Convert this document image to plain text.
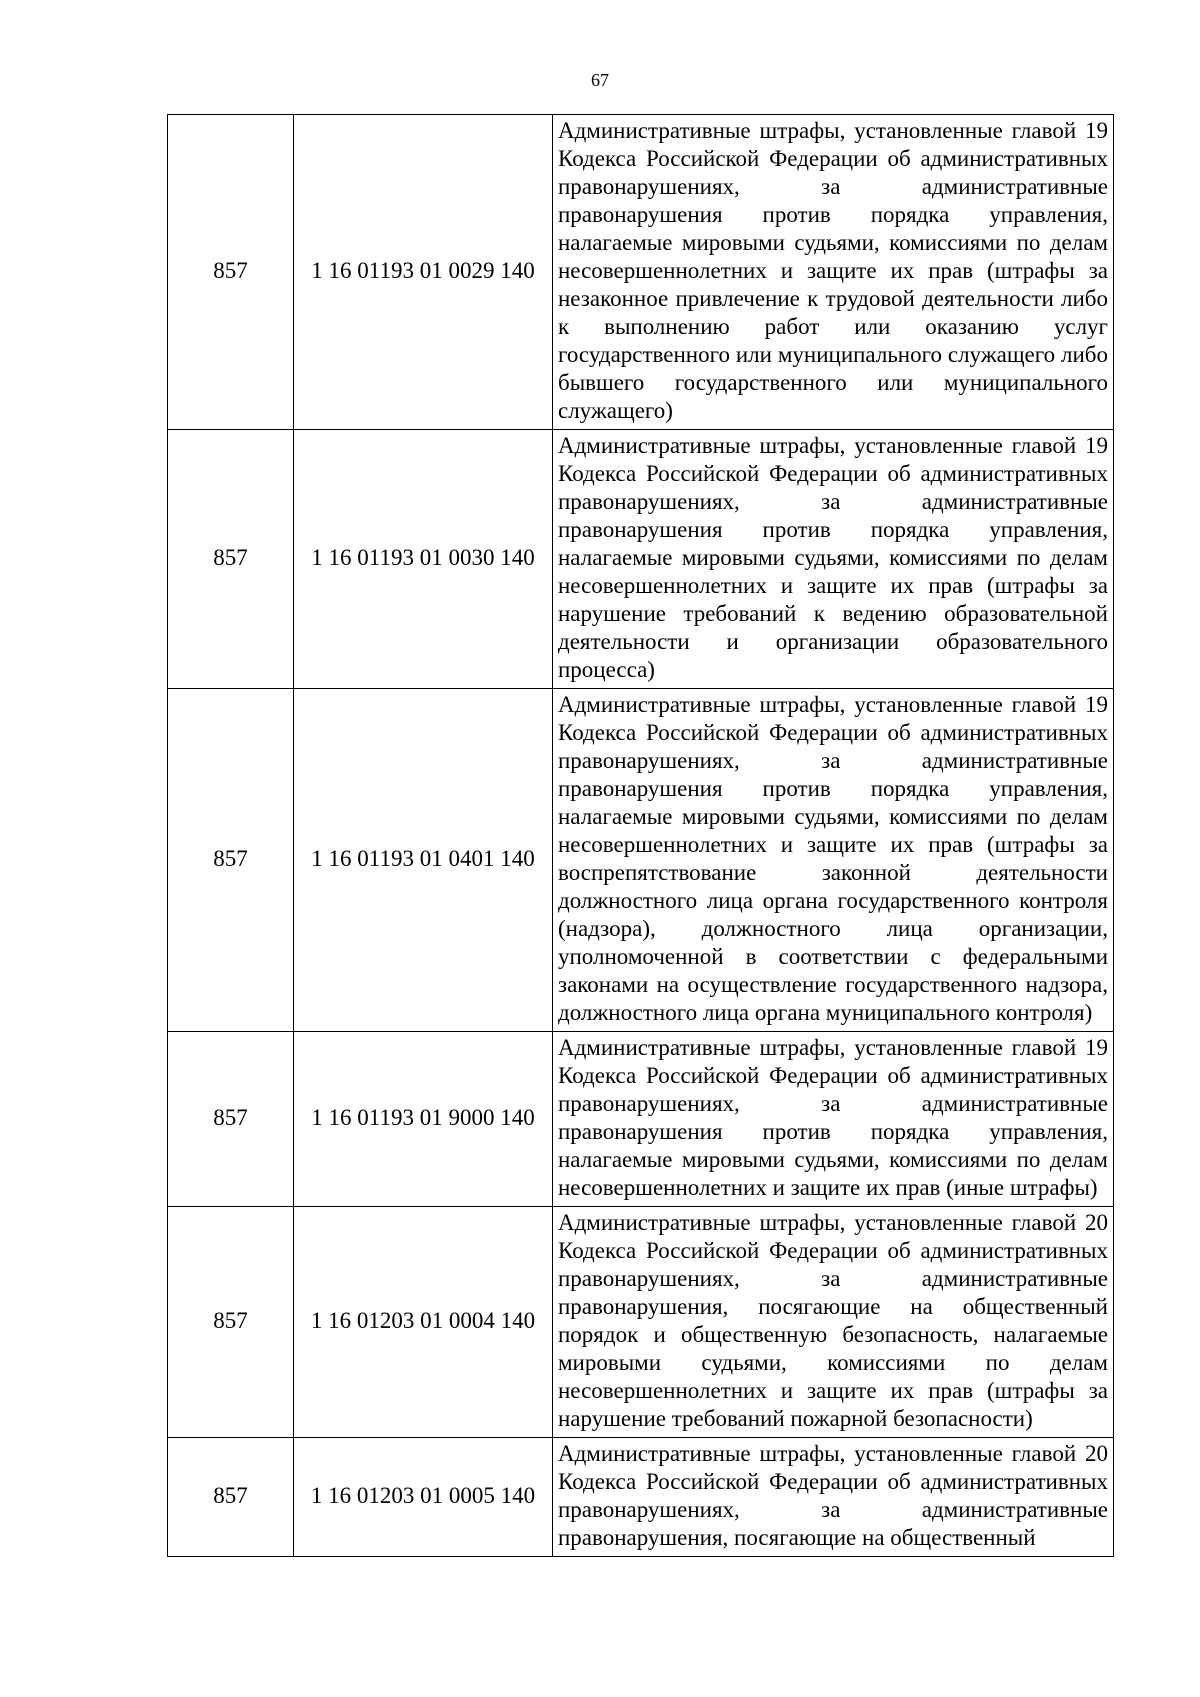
67
857	1 16 01193 01 0029 140	Административные штрафы, установленные главой 19 Кодекса Российской Федерации об административных правонарушениях, за административные правонарушения против порядка управления, налагаемые мировыми судьями, комиссиями по делам несовершеннолетних и защите их прав (штрафы за незаконное привлечение к трудовой деятельности либо к выполнению работ или оказанию услуг государственного или муниципального служащего либо бывшего государственного или муниципального служащего)
857	1 16 01193 01 0030 140	Административные штрафы, установленные главой 19 Кодекса Российской Федерации об административных правонарушениях, за административные правонарушения против порядка управления, налагаемые мировыми судьями, комиссиями по делам несовершеннолетних и защите их прав (штрафы за нарушение требований к ведению образовательной деятельности и организации образовательного процесса)
857	1 16 01193 01 0401 140	Административные штрафы, установленные главой 19 Кодекса Российской Федерации об административных правонарушениях, за административные правонарушения против порядка управления, налагаемые мировыми судьями, комиссиями по делам несовершеннолетних и защите их прав (штрафы за воспрепятствование законной деятельности должностного лица органа государственного контроля (надзора), должностного лица организации, уполномоченной в соответствии с федеральными законами на осуществление государственного надзора, должностного лица органа муниципального контроля)
857	1 16 01193 01 9000 140	Административные штрафы, установленные главой 19 Кодекса Российской Федерации об административных правонарушениях, за административные правонарушения против порядка управления, налагаемые мировыми судьями, комиссиями по делам несовершеннолетних и защите их прав (иные штрафы)
857	1 16 01203 01 0004 140	Административные штрафы, установленные главой 20 Кодекса Российской Федерации об административных правонарушениях, за административные правонарушения, посягающие на общественный порядок и общественную безопасность, налагаемые мировыми судьями, комиссиями по делам несовершеннолетних и защите их прав (штрафы за нарушение требований пожарной безопасности)
857	1 16 01203 01 0005 140	Административные штрафы, установленные главой 20 Кодекса Российской Федерации об административных правонарушениях, за административные правонарушения, посягающие на общественный
